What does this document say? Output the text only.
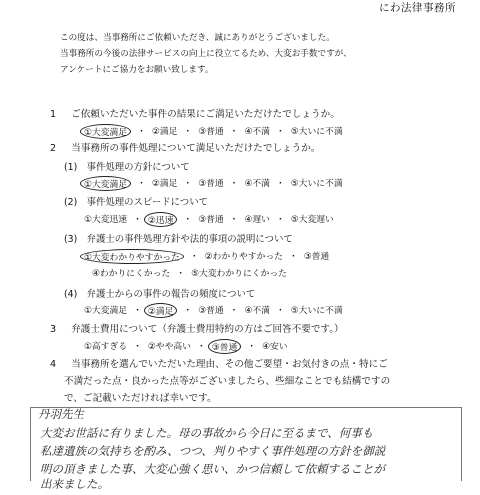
にわ法律事務所
この度は、当事務所にご依頼いただき、誠にありがとうございました。
当事務所の今後の法律サービスの向上に役立てるため、大変お手数ですが、
アンケートにご協力をお願い致します。
1 ご依頼いただいた事件の結果にご満足いただけたでしょうか。
①大変満足	・ ②満足 ・ ③普通 ・ ④不満 ・ ⑤大いに不満
2 当事務所の事件処理について満足いただけたでしょうか。
(1)　事件処理の方針について
①大変満足	・ ②満足 ・ ③普通 ・ ④不満 ・ ⑤大いに不満
(2)　事件処理のスピードについて
①大変迅速 ・ ②迅速	・ ③普通 ・ ④遅い ・ ⑤大変遅い
(3)　弁護士の事件処理方針や法的事項の説明について
①大変わかりやすかった	・ ②わかりやすかった ・ ③普通
④わかりにくかった ・ ⑤大変わかりにくかった
(4)　弁護士からの事件の報告の頻度について
①大変満足 ・ ②満足	・ ③普通 ・ ④不満 ・ ⑤大いに不満
3 弁護士費用について（弁護士費用特約の方はご回答不要です。）
①高すぎる ・ ②やや高い ・ ③普通	・ ④安い
4 当事務所を選んでいただいた理由、その他ご要望・お気付きの点・特にご
不満だった点・良かった点等がございましたら、些細なことでも結構ですの
で、ご記載いただければ幸いです。
丹羽先生
大変お世話に有りました。母の事故から今日に至るまで、何事も
私達遺族の気持ちを酌み、つつ、判りやすく事件処理の方針を御説
明の頂きました事、大変心強く思い、かつ信頼して依頼することが
出来ました。
